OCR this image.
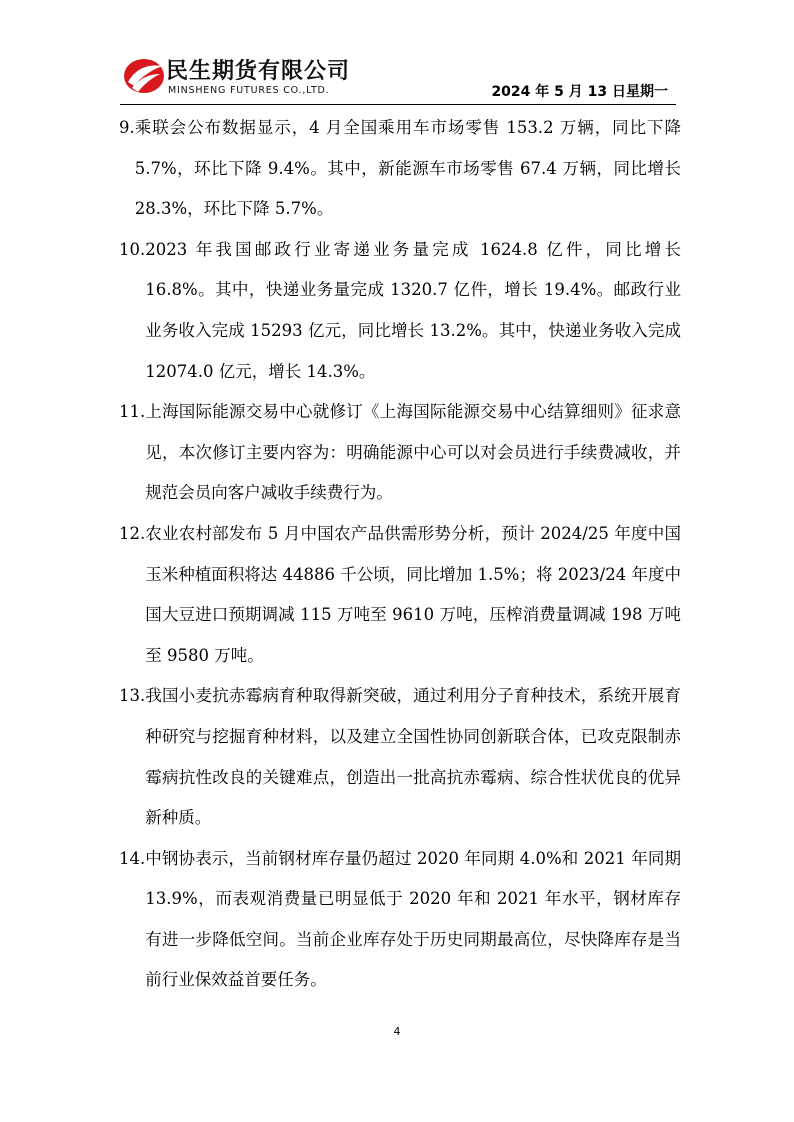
民生期货有限公司
MINSHENG FUTURES CO.,LTD.	2024 年 5 月 13 日星期一
9. 乘联会公布数据显示，4 月全国乘用车市场零售 153.2 万辆，同比下降 5.7%，环比下降 9.4%。其中，新能源车市场零售 67.4 万辆，同比增长 28.3%，环比下降 5.7%。
10. 2023 年我国邮政行业寄递业务量完成 1624.8 亿件，同比增长 16.8%。其中，快递业务量完成 1320.7 亿件，增长 19.4%。邮政行业业务收入完成 15293 亿元，同比增长 13.2%。其中，快递业务收入完成 12074.0 亿元，增长 14.3%。
11. 上海国际能源交易中心就修订《上海国际能源交易中心结算细则》征求意见，本次修订主要内容为：明确能源中心可以对会员进行手续费减收，并规范会员向客户减收手续费行为。
12. 农业农村部发布 5 月中国农产品供需形势分析，预计 2024/25 年度中国玉米种植面积将达 44886 千公顷，同比增加 1.5%；将 2023/24 年度中国大豆进口预期调减 115 万吨至 9610 万吨，压榨消费量调减 198 万吨至 9580 万吨。
13. 我国小麦抗赤霉病育种取得新突破，通过利用分子育种技术，系统开展育种研究与挖掘育种材料，以及建立全国性协同创新联合体，已攻克限制赤霉病抗性改良的关键难点，创造出一批高抗赤霉病、综合性状优良的优异新种质。
14. 中钢协表示，当前钢材库存量仍超过 2020 年同期 4.0%和 2021 年同期 13.9%，而表观消费量已明显低于 2020 年和 2021 年水平，钢材库存有进一步降低空间。当前企业库存处于历史同期最高位，尽快降库存是当前行业保效益首要任务。
4
